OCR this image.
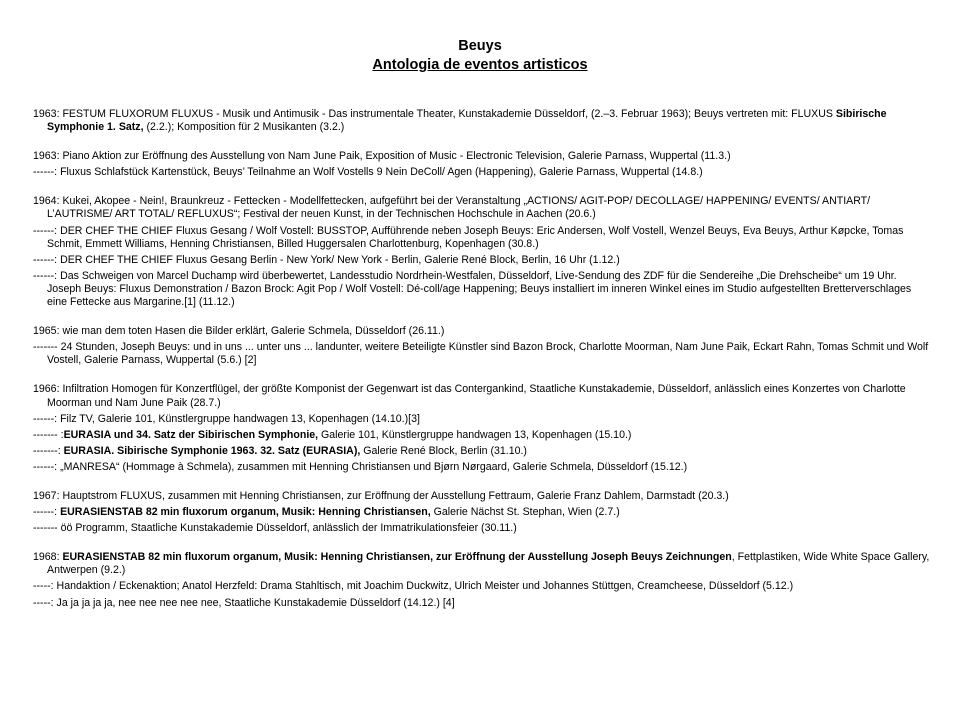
Beuys
Antologia de eventos artisticos
1963: FESTUM FLUXORUM FLUXUS - Musik und Antimusik - Das instrumentale Theater, Kunstakademie Düsseldorf, (2.–3. Februar 1963); Beuys vertreten mit: FLUXUS Sibirische Symphonie 1. Satz, (2.2.); Komposition für 2 Musikanten (3.2.)
1963: Piano Aktion zur Eröffnung des Ausstellung von Nam June Paik, Exposition of Music - Electronic Television, Galerie Parnass, Wuppertal (11.3.)
------: Fluxus Schlafstück Kartenstück, Beuys’ Teilnahme an Wolf Vostells 9 Nein DeColl/ Agen (Happening), Galerie Parnass, Wuppertal (14.8.)
1964: Kukei, Akopee - Nein!, Braunkreuz - Fettecken - Modellfettecken, aufgeführt bei der Veranstaltung „ACTIONS/ AGIT-POP/ DECOLLAGE/ HAPPENING/ EVENTS/ ANTIART/ L’AUTRISME/ ART TOTAL/ REFLUXUS“; Festival der neuen Kunst, in der Technischen Hochschule in Aachen (20.6.)
------: DER CHEF THE CHIEF Fluxus Gesang / Wolf Vostell: BUSSTOP, Aufführende neben Joseph Beuys: Eric Andersen, Wolf Vostell, Wenzel Beuys, Eva Beuys, Arthur Køpcke, Tomas Schmit, Emmett Williams, Henning Christiansen, Billed Huggersalen Charlottenburg, Kopenhagen (30.8.)
------: DER CHEF THE CHIEF Fluxus Gesang Berlin - New York/ New York - Berlin, Galerie René Block, Berlin, 16 Uhr (1.12.)
------: Das Schweigen von Marcel Duchamp wird überbewertet, Landesstudio Nordrhein-Westfalen, Düsseldorf, Live-Sendung des ZDF für die Sendereihe „Die Drehscheibe“ um 19 Uhr. Joseph Beuys: Fluxus Demonstration / Bazon Brock: Agit Pop / Wolf Vostell: Dé-coll/age Happening; Beuys installiert im inneren Winkel eines im Studio aufgestellten Bretterverschlages eine Fettecke aus Margarine.[1] (11.12.)
1965: wie man dem toten Hasen die Bilder erklärt, Galerie Schmela, Düsseldorf (26.11.)
------- 24 Stunden, Joseph Beuys: und in uns ... unter uns ... landunter, weitere Beteiligte Künstler sind Bazon Brock, Charlotte Moorman, Nam June Paik, Eckart Rahn, Tomas Schmit und Wolf Vostell, Galerie Parnass, Wuppertal (5.6.) [2]
1966: Infiltration Homogen für Konzertflügel, der größte Komponist der Gegenwart ist das Contergankind, Staatliche Kunstakademie, Düsseldorf, anlässlich eines Konzertes von Charlotte Moorman und Nam June Paik (28.7.)
------: Filz TV, Galerie 101, Künstlergruppe handwagen 13, Kopenhagen (14.10.)[3]
------- :EURASIA und 34. Satz der Sibirischen Symphonie, Galerie 101, Künstlergruppe handwagen 13, Kopenhagen (15.10.)
-------: EURASIA. Sibirische Symphonie 1963. 32. Satz (EURASIA), Galerie René Block, Berlin (31.10.)
------: „MANRESA“ (Hommage à Schmela), zusammen mit Henning Christiansen und Bjørn Nørgaard, Galerie Schmela, Düsseldorf (15.12.)
1967: Hauptstrom FLUXUS, zusammen mit Henning Christiansen, zur Eröffnung der Ausstellung Fettraum, Galerie Franz Dahlem, Darmstadt (20.3.)
------: EURASIENSTAB 82 min fluxorum organum, Musik: Henning Christiansen, Galerie Nächst St. Stephan, Wien (2.7.)
------- öö Programm, Staatliche Kunstakademie Düsseldorf, anlässlich der Immatrikulationsfeier (30.11.)
1968: EURASIENSTAB 82 min fluxorum organum, Musik: Henning Christiansen, zur Eröffnung der Ausstellung Joseph Beuys Zeichnungen, Fettplastiken, Wide White Space Gallery, Antwerpen (9.2.)
-----: Handaktion / Eckenaktion; Anatol Herzfeld: Drama Stahltisch, mit Joachim Duckwitz, Ulrich Meister und Johannes Stüttgen, Creamcheese, Düsseldorf (5.12.)
-----: Ja ja ja ja ja, nee nee nee nee nee, Staatliche Kunstakademie Düsseldorf (14.12.) [4]
